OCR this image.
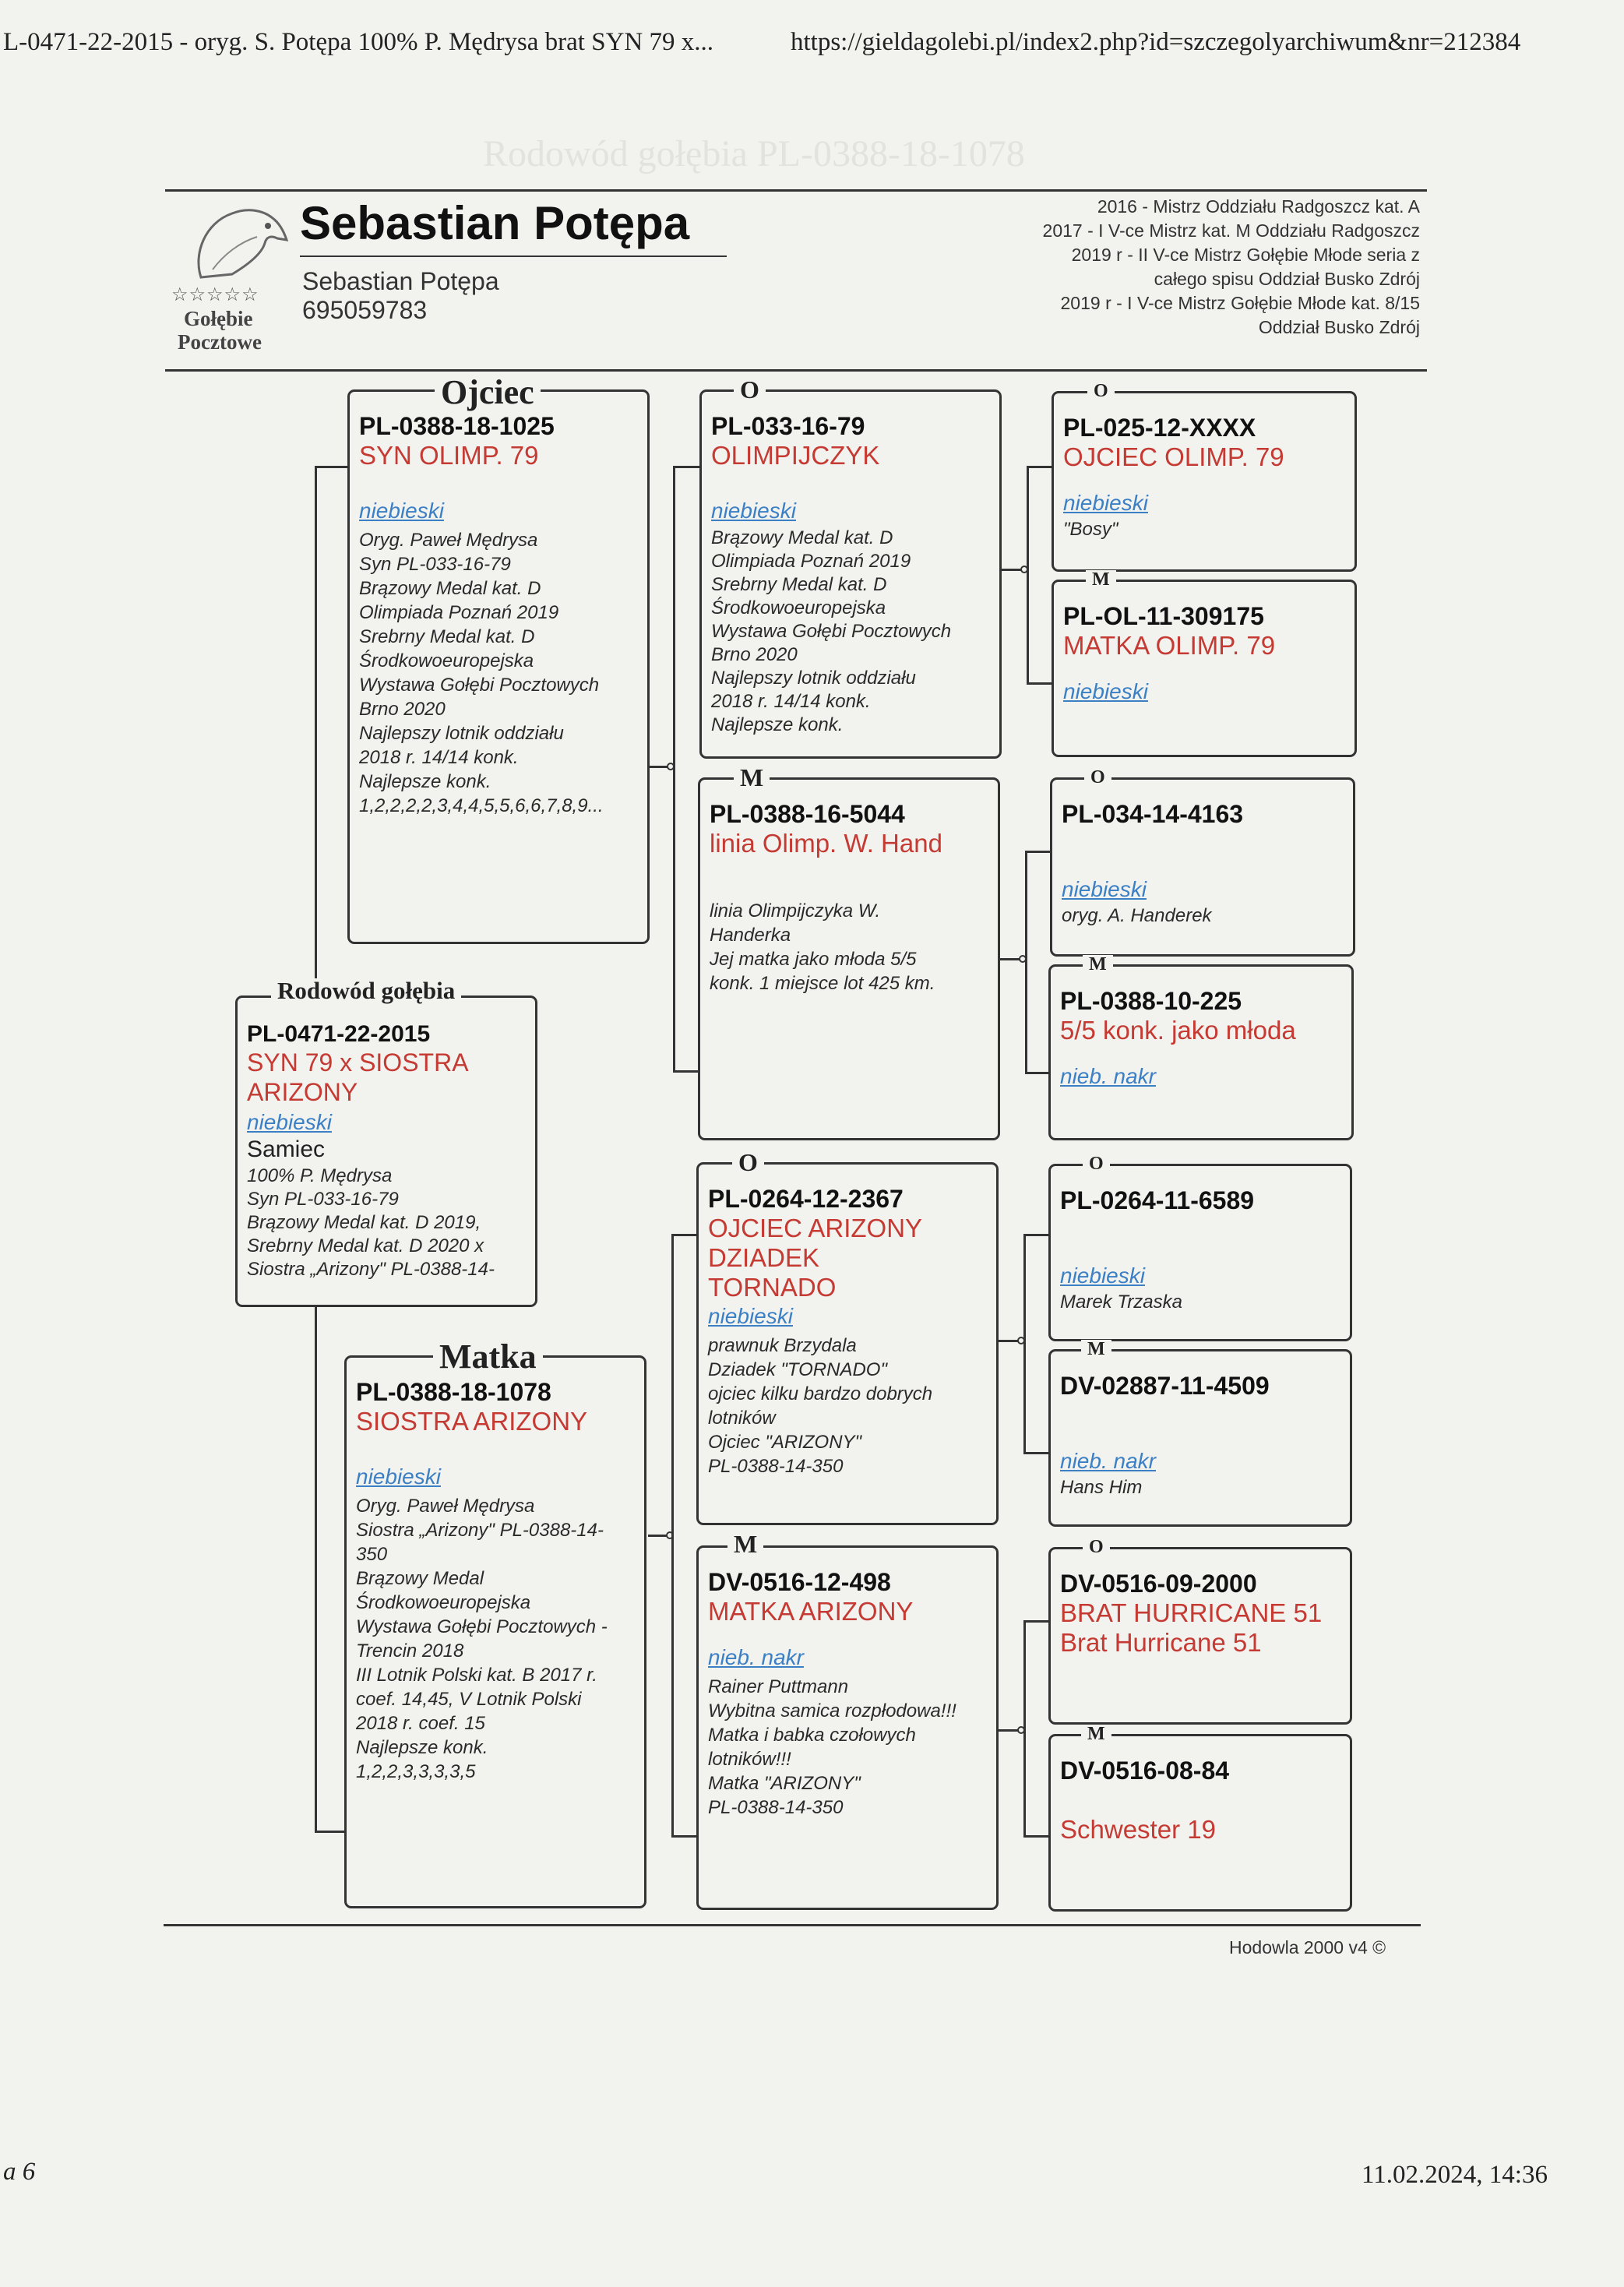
L-0471-22-2015 - oryg. S. Potępa 100% P. Mędrysa brat SYN 79 x...	https://gieldagolebi.pl/index2.php?id=szczegolyarchiwum&nr=212384
Rodowód gołębia PL-0388-18-1078
☆☆☆☆☆
Gołębie
Pocztowe
Sebastian Potępa
Sebastian Potępa
695059783
2016 - Mistrz Oddziału Radgoszcz kat. A
2017 - I V-ce Mistrz kat. M Oddziału Radgoszcz
2019 r - II V-ce Mistrz Gołębie Młode seria z
całego spisu Oddział Busko Zdrój
2019 r - I V-ce Mistrz Gołębie Młode kat. 8/15
Oddział Busko Zdrój
PL-0471-22-2015
SYN 79 x SIOSTRA ARIZONY
niebieski
Samiec
100% P. Mędrysa
Syn PL-033-16-79
Brązowy Medal kat. D 2019,
Srebrny Medal kat. D 2020 x
Siostra „Arizony" PL-0388-14-
Rodowód gołębia
PL-0388-18-1025
SYN OLIMP. 79
niebieski
Oryg. Paweł Mędrysa
Syn PL-033-16-79
Brązowy Medal kat. D
Olimpiada Poznań 2019
Srebrny Medal kat. D
Środkowoeuropejska
Wystawa Gołębi Pocztowych
Brno 2020
Najlepszy lotnik oddziału
2018 r. 14/14 konk.
Najlepsze konk.
1,2,2,2,2,3,4,4,5,5,6,6,7,8,9...
Ojciec
PL-0388-18-1078
SIOSTRA ARIZONY
niebieski
Oryg. Paweł Mędrysa
Siostra „Arizony" PL-0388-14-
350
Brązowy Medal
Środkowoeuropejska
Wystawa Gołębi Pocztowych -
Trencin 2018
III Lotnik Polski kat. B 2017 r.
coef. 14,45, V Lotnik Polski
2018 r. coef. 15
Najlepsze konk.
1,2,2,3,3,3,3,5
Matka
PL-033-16-79
OLIMPIJCZYK
niebieski
Brązowy Medal kat. D
Olimpiada Poznań 2019
Srebrny Medal kat. D
Środkowoeuropejska
Wystawa Gołębi Pocztowych
Brno 2020
Najlepszy lotnik oddziału
2018 r. 14/14 konk.
Najlepsze konk.
O
PL-0388-16-5044
linia Olimp. W. Hand
linia Olimpijczyka W.
Handerka
Jej matka jako młoda 5/5
konk. 1 miejsce lot 425 km.
M
PL-0264-12-2367
OJCIEC ARIZONY DZIADEK TORNADO
niebieski
prawnuk Brzydala
Dziadek "TORNADO"
ojciec kilku bardzo dobrych
lotników
Ojciec "ARIZONY"
PL-0388-14-350
O
DV-0516-12-498
MATKA ARIZONY
nieb. nakr
Rainer Puttmann
Wybitna samica rozpłodowa!!!
Matka i babka czołowych
lotników!!!
Matka "ARIZONY"
PL-0388-14-350
M
PL-025-12-XXXX
OJCIEC OLIMP. 79
niebieski
"Bosy"
O
PL-OL-11-309175
MATKA OLIMP. 79
niebieski
M
PL-034-14-4163
niebieski
oryg. A. Handerek
O
PL-0388-10-225
5/5 konk. jako młoda
nieb. nakr
M
PL-0264-11-6589
niebieski
Marek Trzaska
O
DV-02887-11-4509
nieb. nakr
Hans Him
M
DV-0516-09-2000
BRAT HURRICANE 51 Brat Hurricane 51
O
DV-0516-08-84
Schwester 19
M
Hodowla 2000 v4 ©
a 6	11.02.2024, 14:36
